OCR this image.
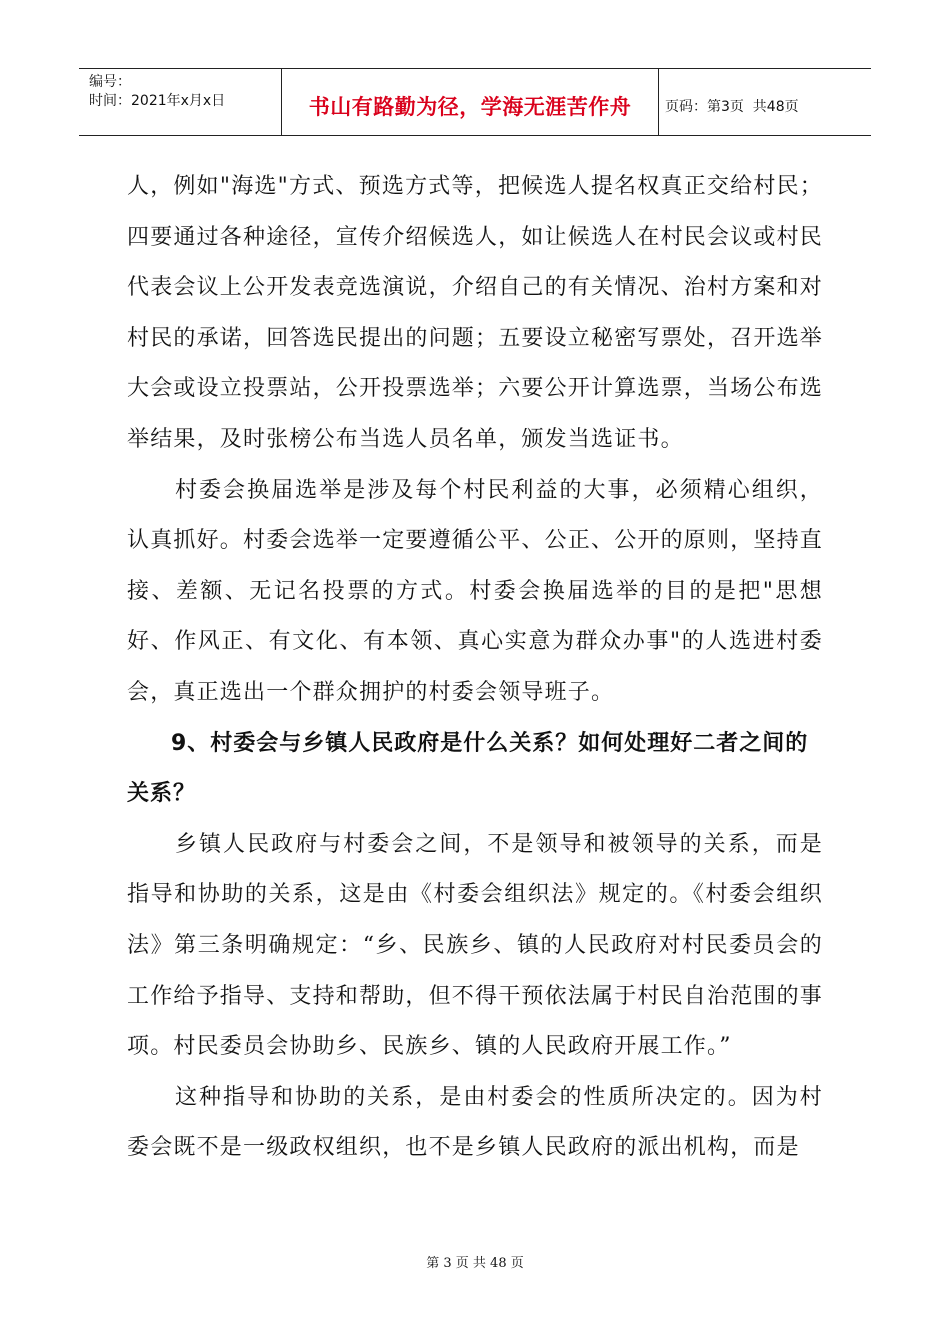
编号：
时间：2021年x月x日	书山有路勤为径，学海无涯苦作舟 页码：第3页  共48页

人，例如"海选"方式、预选方式等，把候选人提名权真正交给村民；四要通过各种途径，宣传介绍候选人，如让候选人在村民会议或村民代表会议上公开发表竞选演说，介绍自己的有关情况、治村方案和对村民的承诺，回答选民提出的问题；五要设立秘密写票处，召开选举大会或设立投票站，公开投票选举；六要公开计算选票，当场公布选举结果，及时张榜公布当选人员名单，颁发当选证书。

村委会换届选举是涉及每个村民利益的大事，必须精心组织，认真抓好。村委会选举一定要遵循公平、公正、公开的原则，坚持直接、差额、无记名投票的方式。村委会换届选举的目的是把"思想好、作风正、有文化、有本领、真心实意为群众办事"的人选进村委会，真正选出一个群众拥护的村委会领导班子。

9、村委会与乡镇人民政府是什么关系？如何处理好二者之间的关系？

乡镇人民政府与村委会之间，不是领导和被领导的关系，而是指导和协助的关系，这是由《村委会组织法》规定的。《村委会组织法》第三条明确规定：“乡、民族乡、镇的人民政府对村民委员会的工作给予指导、支持和帮助，但不得干预依法属于村民自治范围的事项。村民委员会协助乡、民族乡、镇的人民政府开展工作。”

这种指导和协助的关系，是由村委会的性质所决定的。因为村委会既不是一级政权组织，也不是乡镇人民政府的派出机构，而是

第 3 页 共 48 页
